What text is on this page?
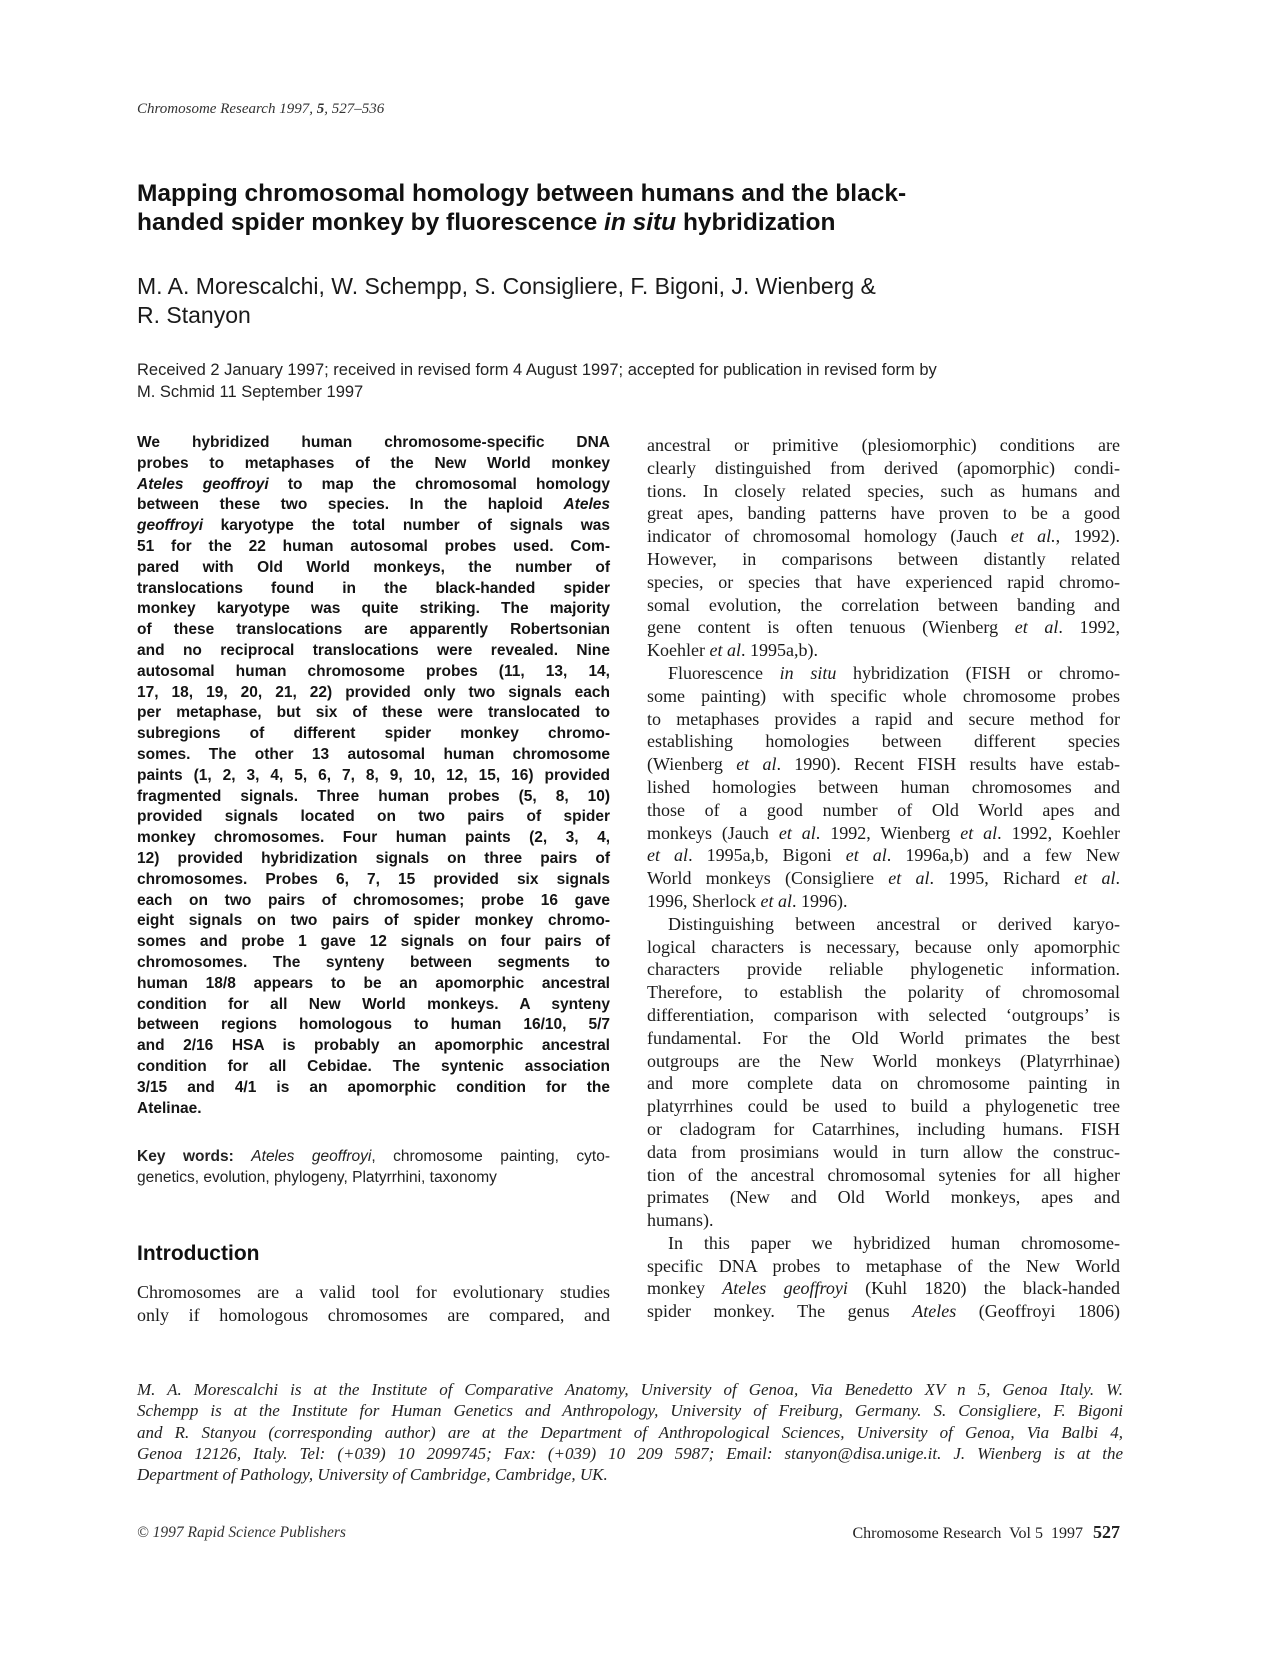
Chromosome Research 1997, 5, 527–536
Mapping chromosomal homology between humans and the black-
handed spider monkey by fluorescence in situ hybridization
M. A. Morescalchi, W. Schempp, S. Consigliere, F. Bigoni, J. Wienberg &
R. Stanyon
Received 2 January 1997; received in revised form 4 August 1997; accepted for publication in revised form by
M. Schmid 11 September 1997
We hybridized human chromosome-specific DNA
probes to metaphases of the New World monkey
Ateles geoffroyi to map the chromosomal homology
between these two species. In the haploid Ateles
geoffroyi karyotype the total number of signals was
51 for the 22 human autosomal probes used. Com-
pared with Old World monkeys, the number of
translocations found in the black-handed spider
monkey karyotype was quite striking. The majority
of these translocations are apparently Robertsonian
and no reciprocal translocations were revealed. Nine
autosomal human chromosome probes (11, 13, 14,
17, 18, 19, 20, 21, 22) provided only two signals each
per metaphase, but six of these were translocated to
subregions of different spider monkey chromo-
somes. The other 13 autosomal human chromosome
paints (1, 2, 3, 4, 5, 6, 7, 8, 9, 10, 12, 15, 16) provided
fragmented signals. Three human probes (5, 8, 10)
provided signals located on two pairs of spider
monkey chromosomes. Four human paints (2, 3, 4,
12) provided hybridization signals on three pairs of
chromosomes. Probes 6, 7, 15 provided six signals
each on two pairs of chromosomes; probe 16 gave
eight signals on two pairs of spider monkey chromo-
somes and probe 1 gave 12 signals on four pairs of
chromosomes. The synteny between segments to
human 18/8 appears to be an apomorphic ancestral
condition for all New World monkeys. A synteny
between regions homologous to human 16/10, 5/7
and 2/16 HSA is probably an apomorphic ancestral
condition for all Cebidae. The syntenic association
3/15 and 4/1 is an apomorphic condition for the
Atelinae.
Key words: Ateles geoffroyi, chromosome painting, cyto-
genetics, evolution, phylogeny, Platyrrhini, taxonomy
Introduction
Chromosomes are a valid tool for evolutionary studies
only if homologous chromosomes are compared, and
ancestral or primitive (plesiomorphic) conditions are
clearly distinguished from derived (apomorphic) condi-
tions. In closely related species, such as humans and
great apes, banding patterns have proven to be a good
indicator of chromosomal homology (Jauch et al., 1992).
However, in comparisons between distantly related
species, or species that have experienced rapid chromo-
somal evolution, the correlation between banding and
gene content is often tenuous (Wienberg et al. 1992,
Koehler et al. 1995a,b).
Fluorescence in situ hybridization (FISH or chromo-
some painting) with specific whole chromosome probes
to metaphases provides a rapid and secure method for
establishing homologies between different species
(Wienberg et al. 1990). Recent FISH results have estab-
lished homologies between human chromosomes and
those of a good number of Old World apes and
monkeys (Jauch et al. 1992, Wienberg et al. 1992, Koehler
et al. 1995a,b, Bigoni et al. 1996a,b) and a few New
World monkeys (Consigliere et al. 1995, Richard et al.
1996, Sherlock et al. 1996).
Distinguishing between ancestral or derived karyo-
logical characters is necessary, because only apomorphic
characters provide reliable phylogenetic information.
Therefore, to establish the polarity of chromosomal
differentiation, comparison with selected ‘outgroups’ is
fundamental. For the Old World primates the best
outgroups are the New World monkeys (Platyrrhinae)
and more complete data on chromosome painting in
platyrrhines could be used to build a phylogenetic tree
or cladogram for Catarrhines, including humans. FISH
data from prosimians would in turn allow the construc-
tion of the ancestral chromosomal sytenies for all higher
primates (New and Old World monkeys, apes and
humans).
In this paper we hybridized human chromosome-
specific DNA probes to metaphase of the New World
monkey Ateles geoffroyi (Kuhl 1820) the black-handed
spider monkey. The genus Ateles (Geoffroyi 1806)
M. A. Morescalchi is at the Institute of Comparative Anatomy, University of Genoa, Via Benedetto XV n 5, Genoa Italy. W.
Schempp is at the Institute for Human Genetics and Anthropology, University of Freiburg, Germany. S. Consigliere, F. Bigoni
and R. Stanyou (corresponding author) are at the Department of Anthropological Sciences, University of Genoa, Via Balbi 4,
Genoa 12126, Italy. Tel: (+039) 10 2099745; Fax: (+039) 10 209 5987; Email: stanyon@disa.unige.it. J. Wienberg is at the
Department of Pathology, University of Cambridge, Cambridge, UK.
© 1997 Rapid Science Publishers	Chromosome Research  Vol 5  1997 527
